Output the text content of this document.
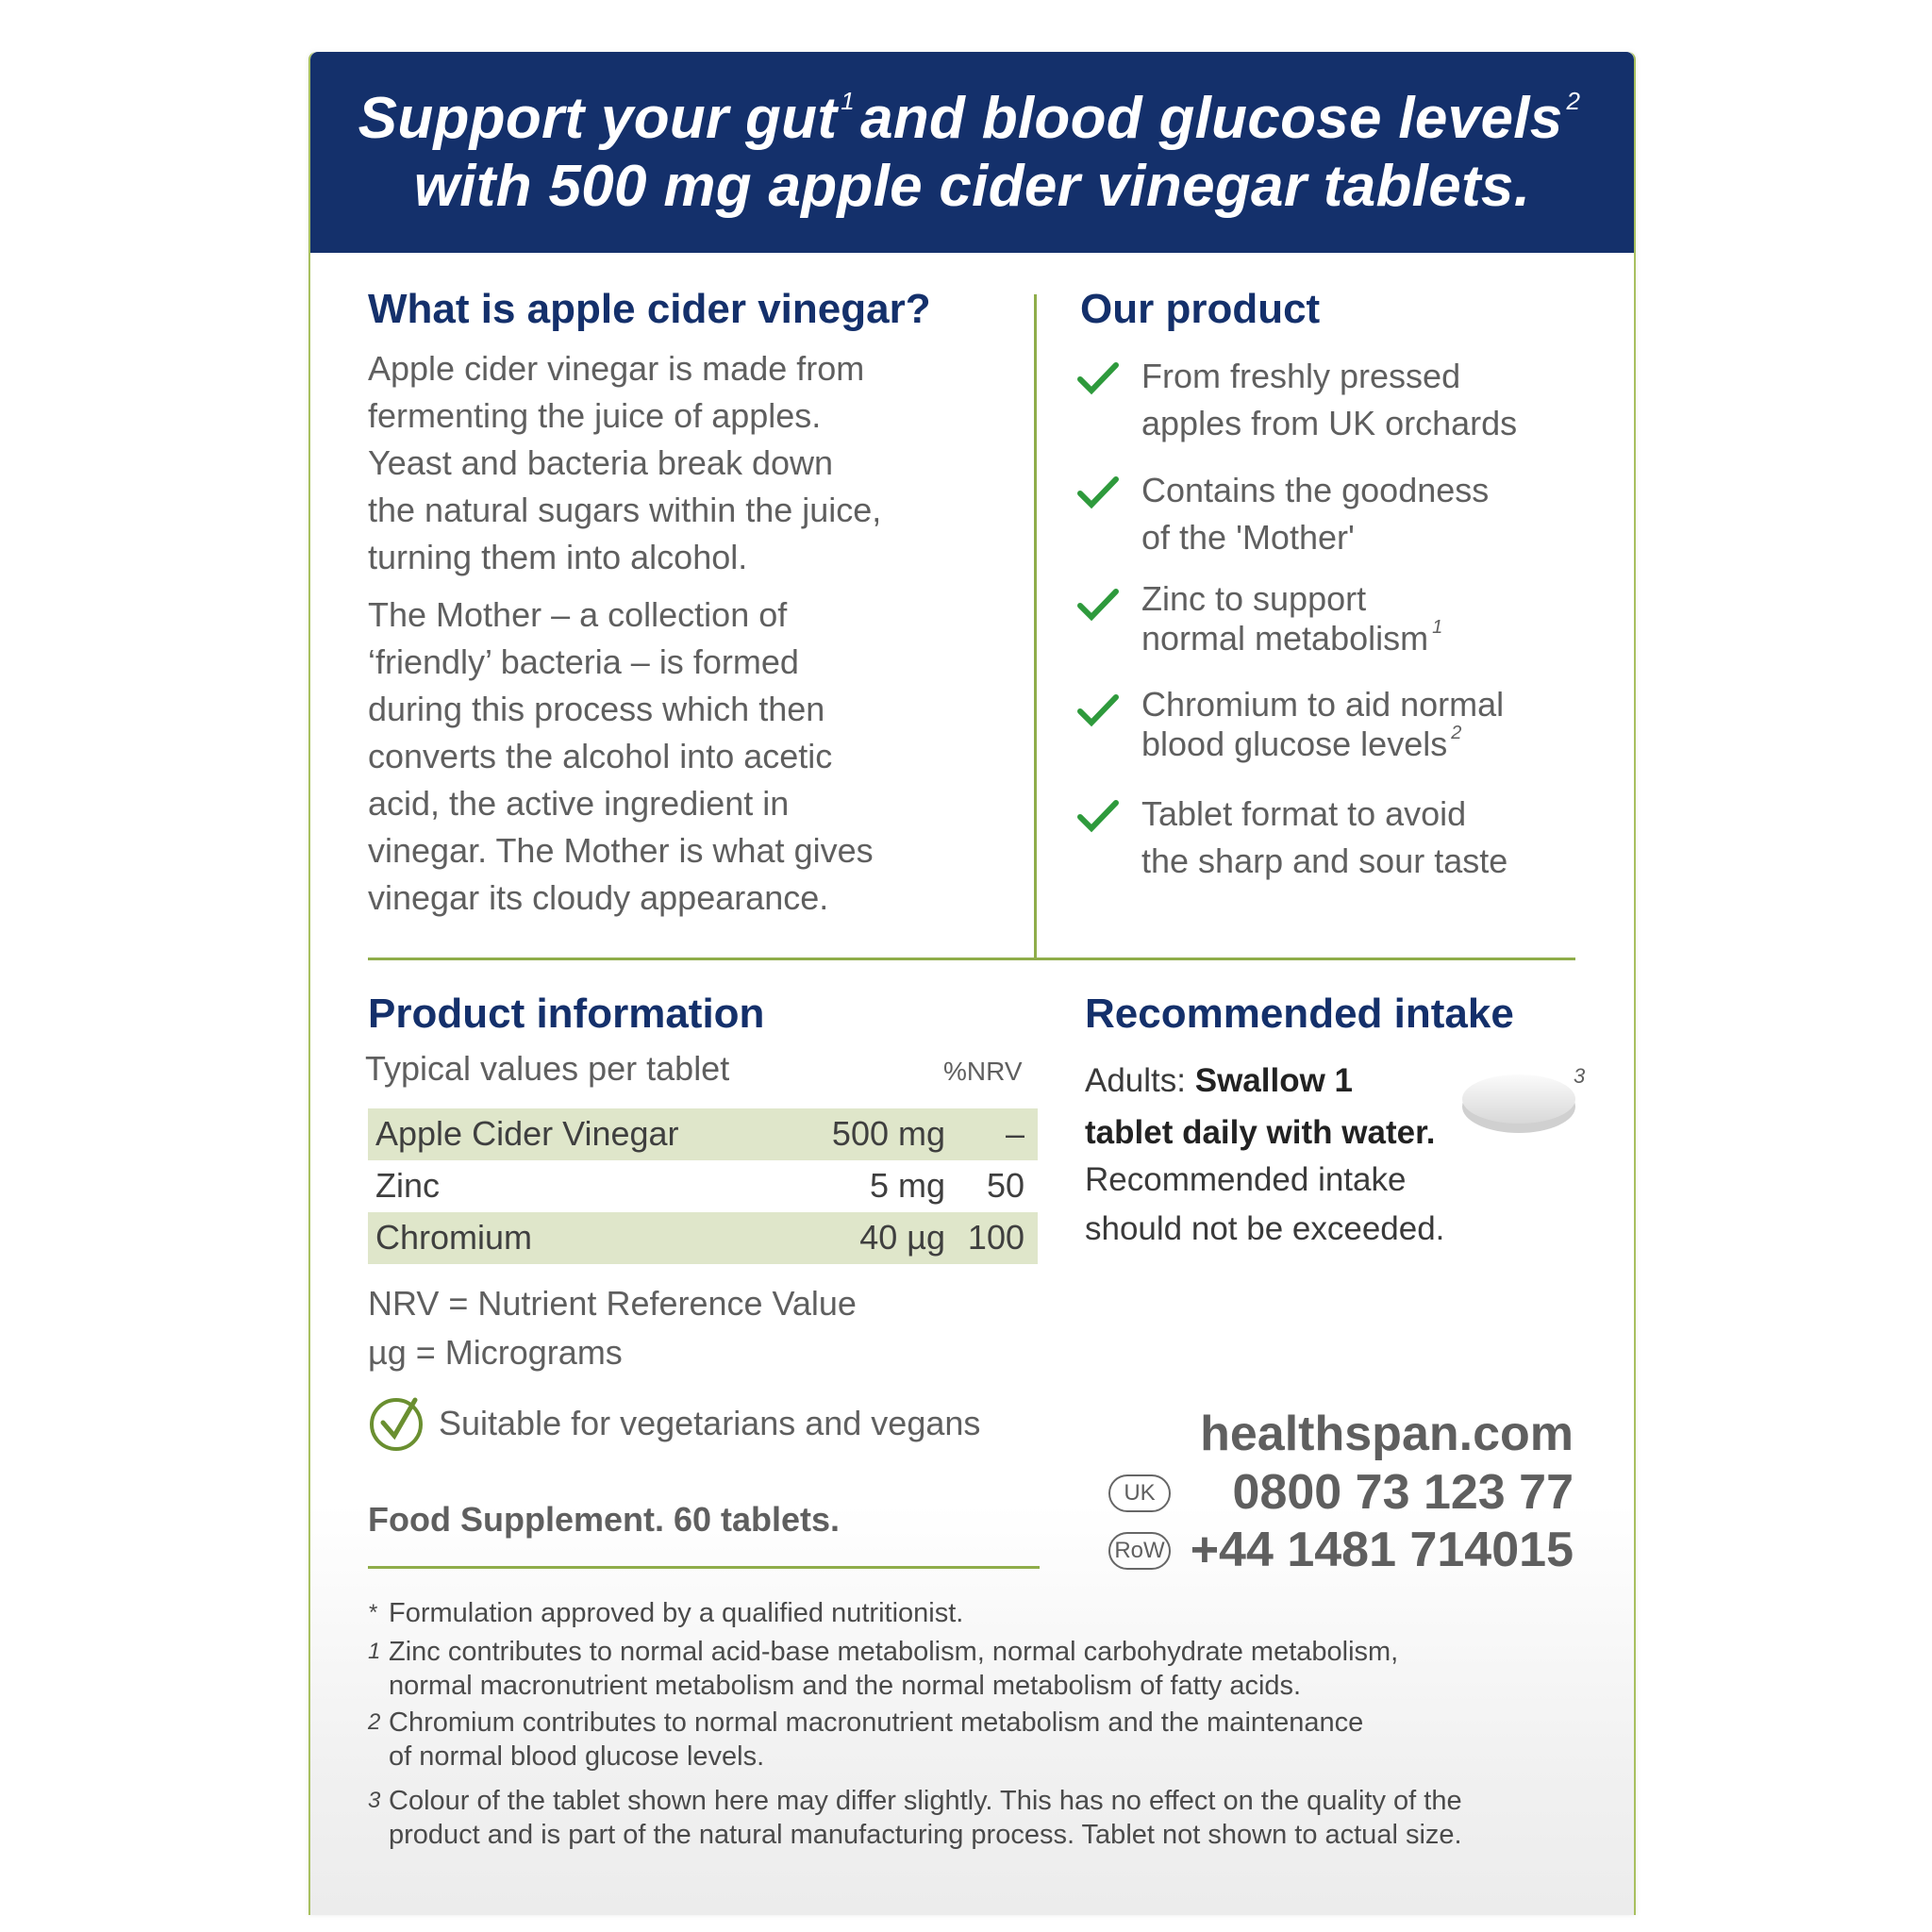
Support your gut $^1$and blood glucose levels $^2$
with 500 mg apple cider vinegar tablets.
What is apple cider vinegar?

Apple cider vinegar is made from

fermenting the juice of apples.

Yeast and bacteria break down

the natural sugars within the juice,

turning them into alcohol.

The Mother – a collection of

‘friendly’ bacteria – is formed

during this process which then

converts the alcohol into acetic

acid, the active ingredient in

vinegar. The Mother is what gives

vinegar its cloudy appearance.

Our product
From freshly pressed
apples from UK orchards
Contains the goodness
of the 'Mother'
Zinc to support
normal metabolism $^1$
Chromium to aid normal
blood glucose levels $^2$
Tablet format to avoid
the sharp and sour taste
Product information
Typical values per tablet	%NRV
Apple Cider Vinegar	500 mg –
Zinc	5 mg 50
Chromium	40 µg 100
NRV = Nutrient Reference Value
µg = Micrograms
Suitable for vegetarians and vegans
Food Supplement. 60 tablets.
Recommended intake
Adults: Swallow 1
tablet daily with water.
Recommended intake
should not be exceeded.
3
healthspan.com
UK	0800 73 123 77
RoW +44 1481 714015
* Formulation approved by a qualified nutritionist.
1 Zinc contributes to normal acid-base metabolism, normal carbohydrate metabolism,
normal macronutrient metabolism and the normal metabolism of fatty acids.
2 Chromium contributes to normal macronutrient metabolism and the maintenance
of normal blood glucose levels.
3 Colour of the tablet shown here may differ slightly. This has no effect on the quality of the
product and is part of the natural manufacturing process. Tablet not shown to actual size.
